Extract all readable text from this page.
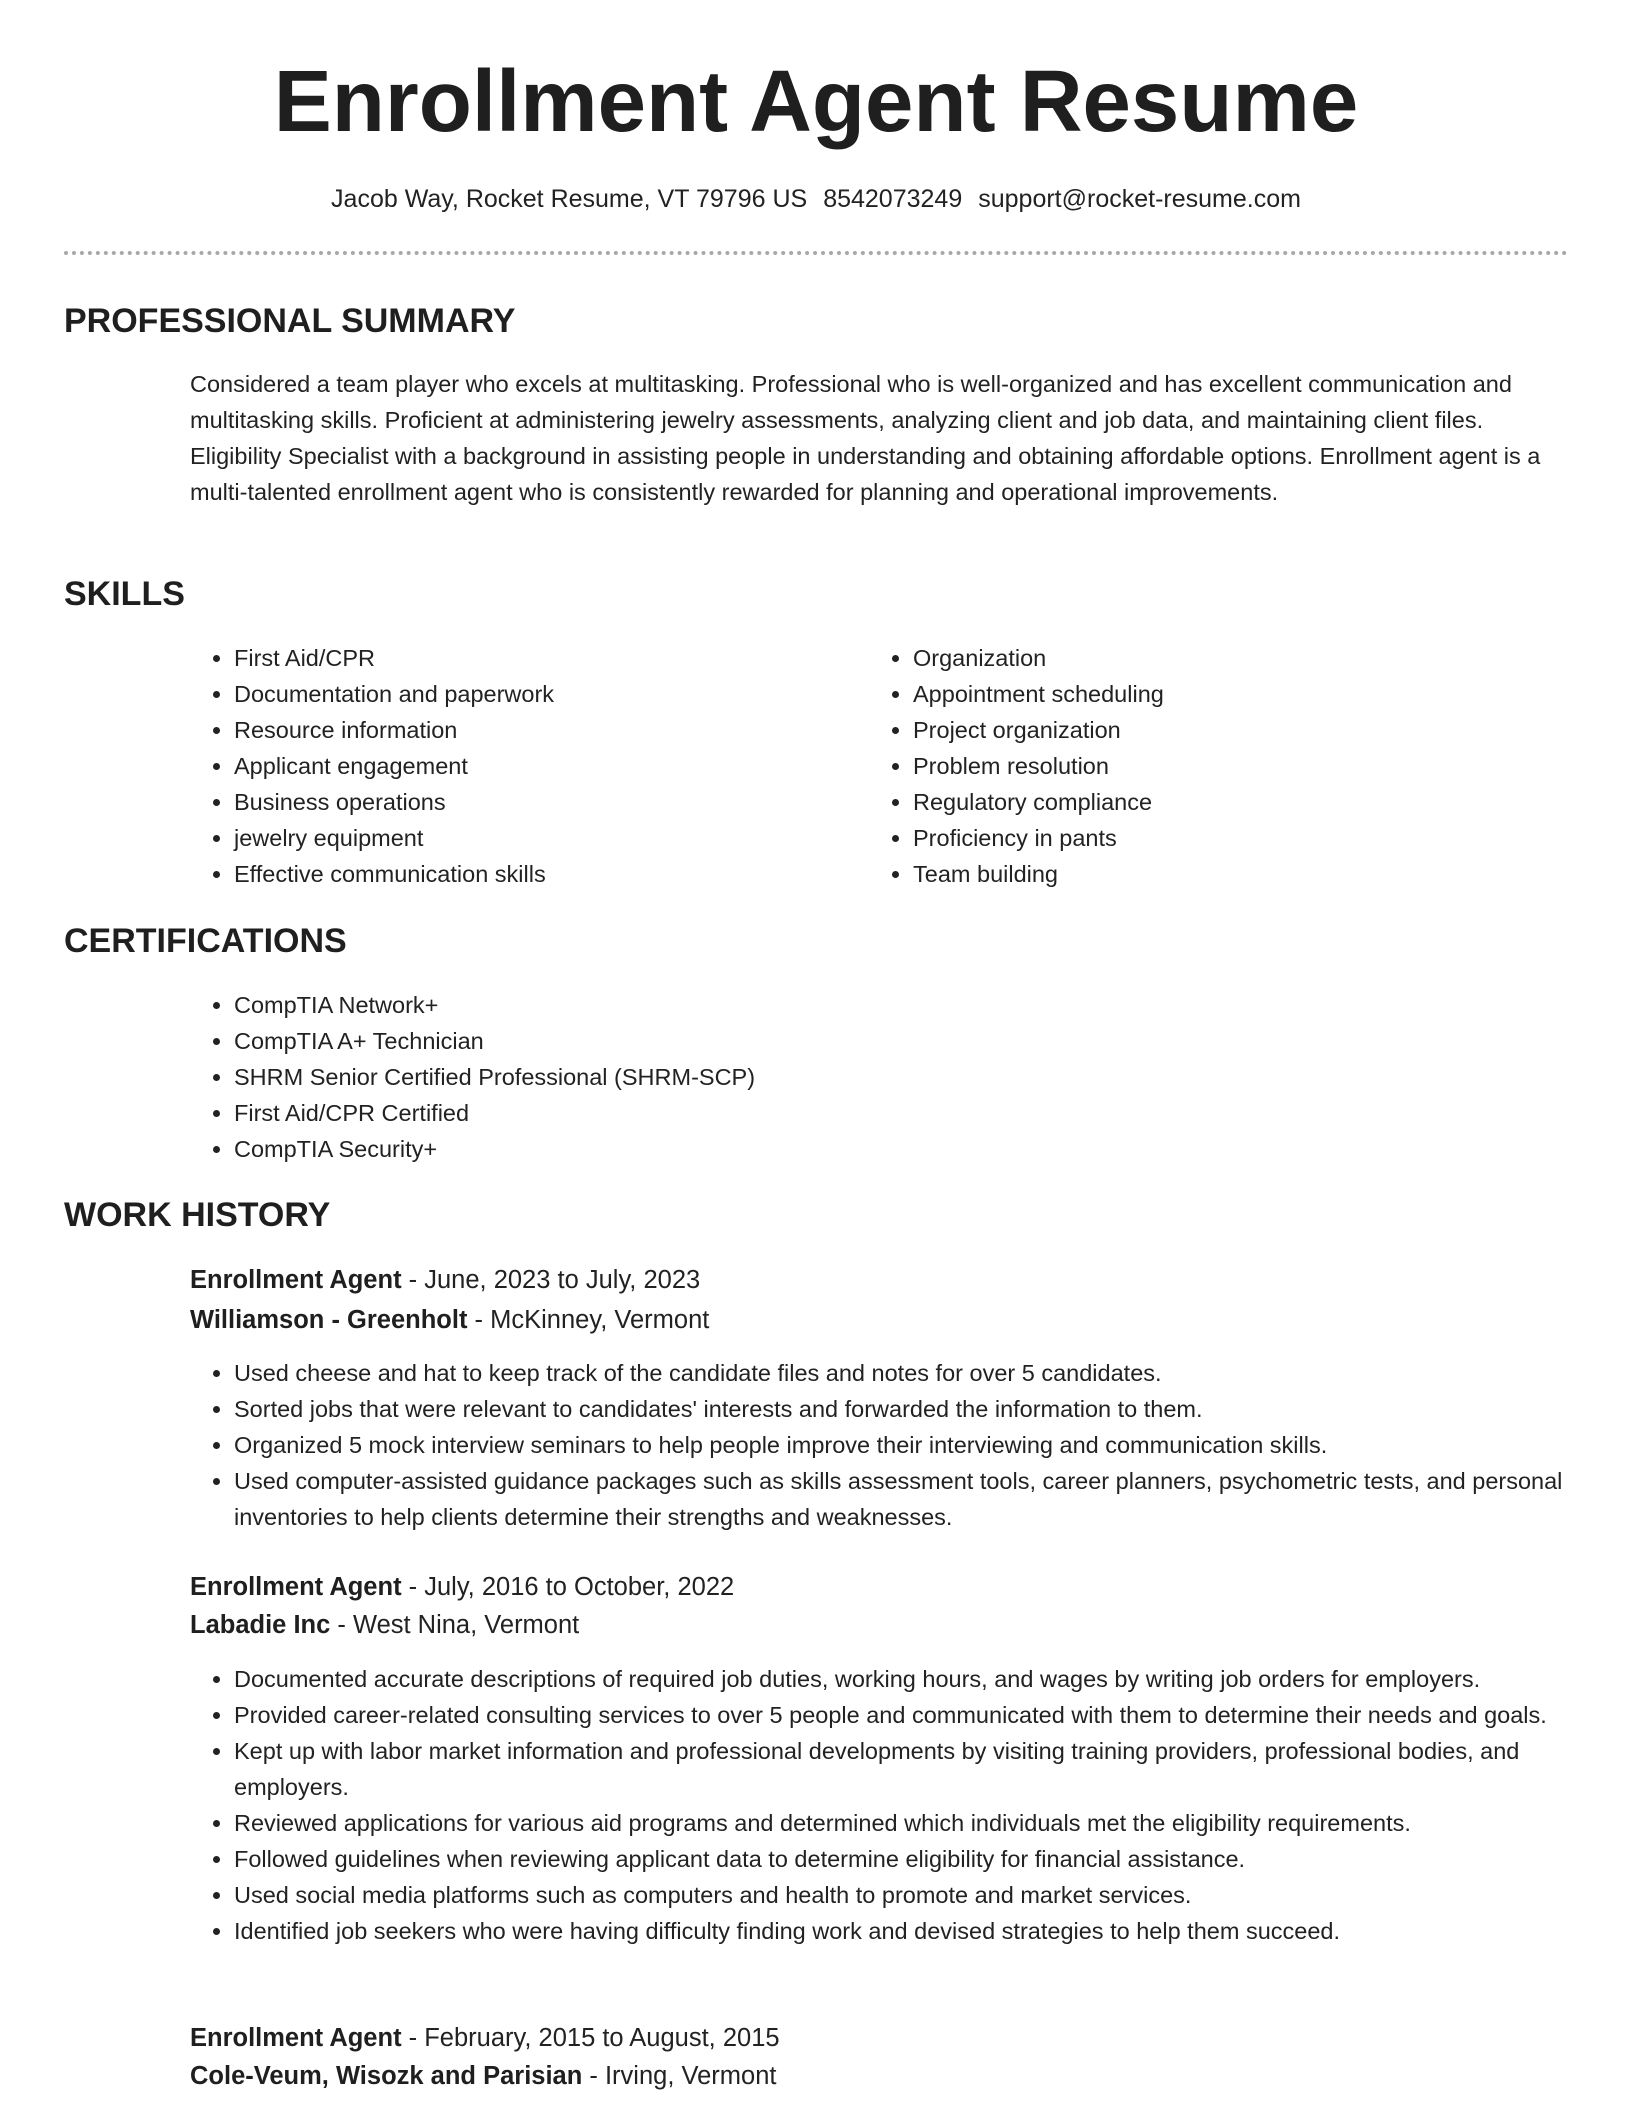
Enrollment Agent Resume
Jacob Way, Rocket Resume, VT 79796 US 8542073249 support@rocket-resume.com
PROFESSIONAL SUMMARY

Considered a team player who excels at multitasking. Professional who is well-organized and has excellent communication and multitasking skills. Proficient at administering jewelry assessments, analyzing client and job data, and maintaining client files. Eligibility Specialist with a background in assisting people in understanding and obtaining affordable options. Enrollment agent is a multi-talented enrollment agent who is consistently rewarded for planning and operational improvements.

SKILLS
• First Aid/CPR
• Documentation and paperwork
• Resource information
• Applicant engagement
• Business operations
• jewelry equipment
• Effective communication skills
• Organization
• Appointment scheduling
• Project organization
• Problem resolution
• Regulatory compliance
• Proficiency in pants
• Team building
CERTIFICATIONS
• CompTIA Network+
• CompTIA A+ Technician
• SHRM Senior Certified Professional (SHRM-SCP)
• First Aid/CPR Certified
• CompTIA Security+
WORK HISTORY

Enrollment Agent - June, 2023 to July, 2023

Williamson - Greenholt - McKinney, Vermont

• Used cheese and hat to keep track of the candidate files and notes for over 5 candidates.
• Sorted jobs that were relevant to candidates' interests and forwarded the information to them.
• Organized 5 mock interview seminars to help people improve their interviewing and communication skills.
• Used computer-assisted guidance packages such as skills assessment tools, career planners, psychometric tests, and personal inventories to help clients determine their strengths and weaknesses.

Enrollment Agent - July, 2016 to October, 2022

Labadie Inc - West Nina, Vermont

• Documented accurate descriptions of required job duties, working hours, and wages by writing job orders for employers.
• Provided career-related consulting services to over 5 people and communicated with them to determine their needs and goals.
• Kept up with labor market information and professional developments by visiting training providers, professional bodies, and employers.
• Reviewed applications for various aid programs and determined which individuals met the eligibility requirements.
• Followed guidelines when reviewing applicant data to determine eligibility for financial assistance.
• Used social media platforms such as computers and health to promote and market services.
• Identified job seekers who were having difficulty finding work and devised strategies to help them succeed.

Enrollment Agent - February, 2015 to August, 2015

Cole-Veum, Wisozk and Parisian - Irving, Vermont
